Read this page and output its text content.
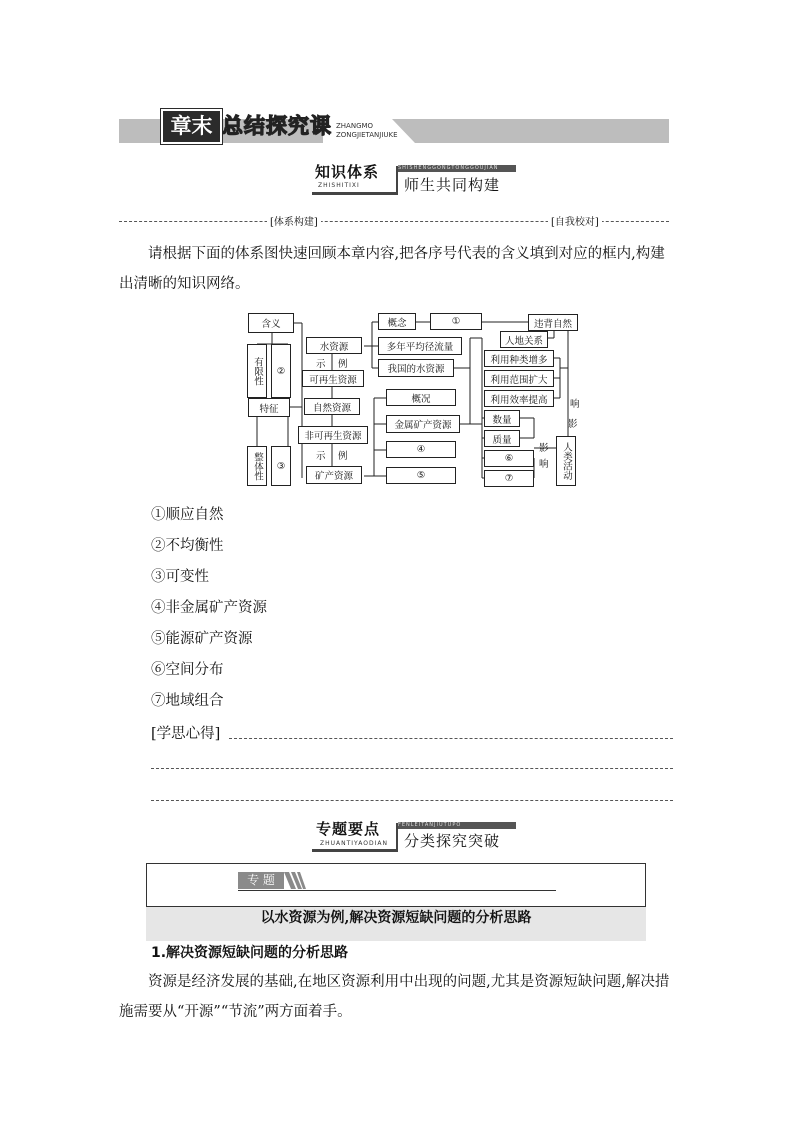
章末 总结探究课 ZHANGMO
ZONGJIETANJIUKE
知识体系
ZHISHITIXI
SHISHENGGONGTONGGOUJIAN
师生共同构建
[体系构建]	[自我校对]
请根据下面的体系图快速回顾本章内容,把各序号代表的含义填到对应的框内,构建出清晰的知识网络。
含义
有限性	②
特征
整体性	③
水资源
示 例
可再生资源
自然资源
非可再生资源
示 例
矿产资源
概念	①
多年平均径流量
我国的水资源
概况
金属矿产资源
④
⑤
违背自然
人地关系
利用种类增多
利用范围扩大
利用效率提高
数量
质量
⑥
⑦
影
响
影
响	人类活动
①顺应自然
②不均衡性
③可变性
④非金属矿产资源
⑤能源矿产资源
⑥空间分布
⑦地域组合
[学思心得]
专题要点
ZHUANTIYAODIAN
FENLEITANJIUTUPO
分类探究突破
专 题
以水资源为例,解决资源短缺问题的分析思路
1.解决资源短缺问题的分析思路
资源是经济发展的基础,在地区资源利用中出现的问题,尤其是资源短缺问题,解决措施需要从“开源”“节流”两方面着手。
